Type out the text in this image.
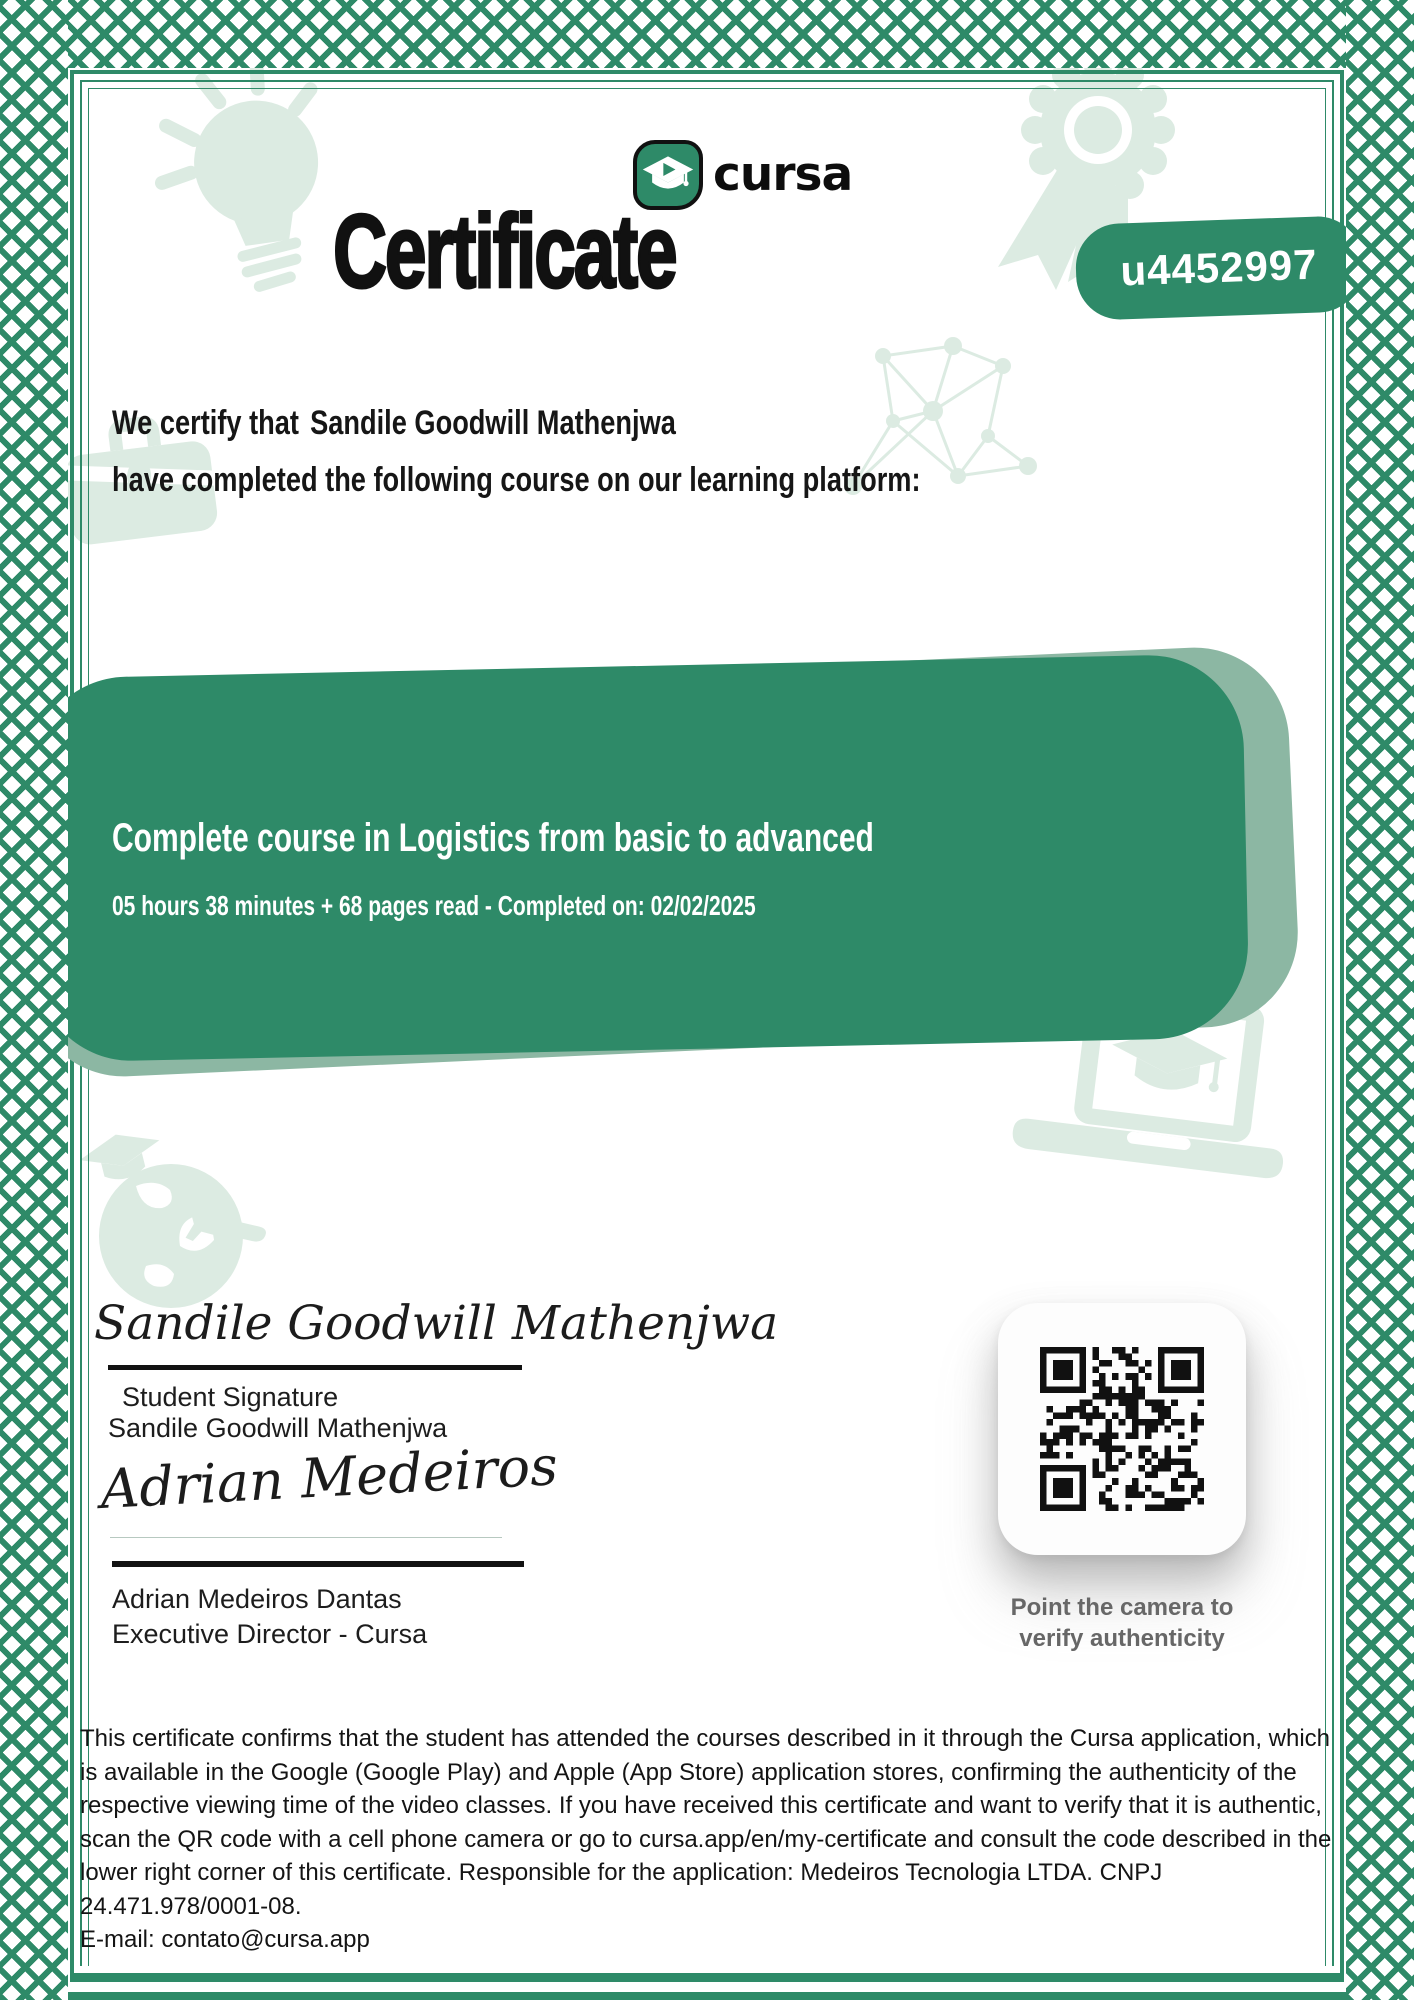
cursa
Certificate	u4452997
We certify that Sandile Goodwill Mathenjwa
have completed the following course on our learning platform:
Complete course in Logistics from basic to advanced
05 hours 38 minutes + 68 pages read - Completed on: 02/02/2025
Sandile Goodwill Mathenjwa
Student Signature
Sandile Goodwill Mathenjwa
Adrian Medeiros
Adrian Medeiros Dantas
Executive Director - Cursa
Point the camera to verify authenticity
This certificate confirms that the student has attended the courses described in it through the Cursa application, which is available in the Google (Google Play) and Apple (App Store) application stores, confirming the authenticity of the respective viewing time of the video classes. If you have received this certificate and want to verify that it is authentic, scan the QR code with a cell phone camera or go to cursa.app/en/my-certificate and consult the code described in the lower right corner of this certificate. Responsible for the application: Medeiros Tecnologia LTDA. CNPJ 24.471.978/0001-08.
E-mail: contato@cursa.app
